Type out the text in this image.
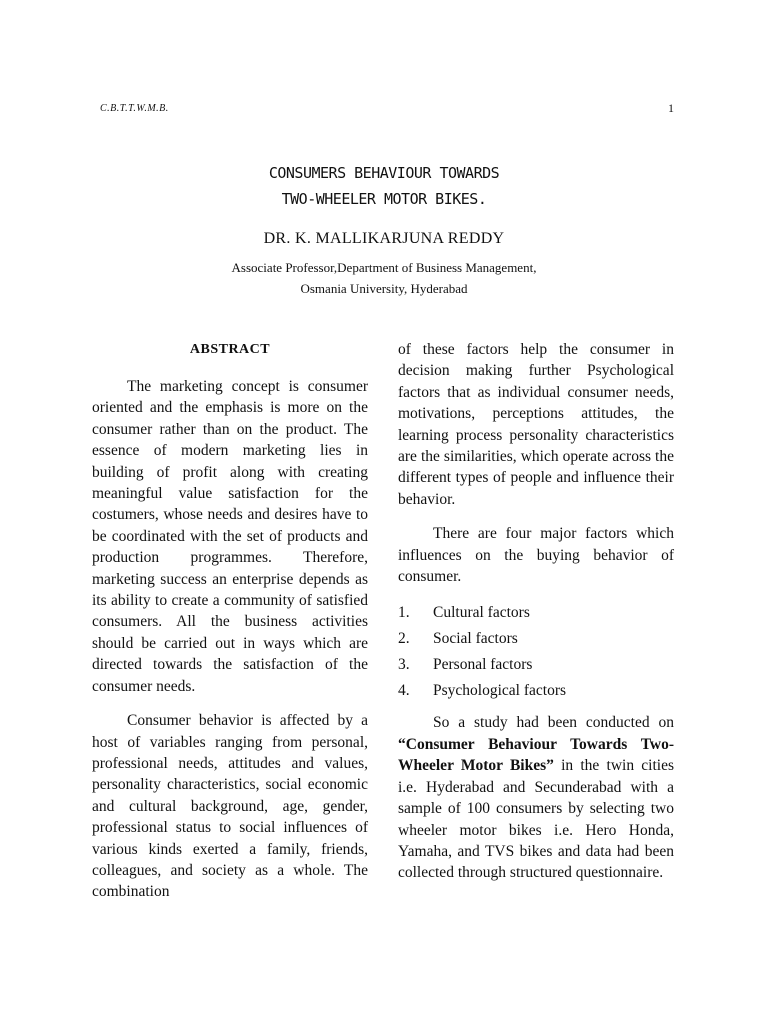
C.B.T.T.W.M.B.	1
CONSUMERS BEHAVIOUR TOWARDS
TWO-WHEELER MOTOR BIKES.
DR. K. MALLIKARJUNA REDDY
Associate Professor,Department of Business Management,
Osmania University, Hyderabad
ABSTRACT

The marketing concept is consumer oriented and the emphasis is more on the consumer rather than on the product. The essence of modern marketing lies in building of profit along with creating meaningful value satisfaction for the costumers, whose needs and desires have to be coordinated with the set of products and production programmes. Therefore, marketing success an enterprise depends as its ability to create a community of satisfied consumers. All the business activities should be carried out in ways which are directed towards the satisfaction of the consumer needs.

Consumer behavior is affected by a host of variables ranging from personal, professional needs, attitudes and values, personality characteristics, social economic and cultural background, age, gender, professional status to social influences of various kinds exerted a family, friends, colleagues, and society as a whole. The combination

of these factors help the consumer in decision making further Psychological factors that as individual consumer needs, motivations, perceptions attitudes, the learning process personality characteristics are the similarities, which operate across the different types of people and influence their behavior.

There are four major factors which influences on the buying behavior of consumer.

1.	Cultural factors
2.	Social factors
3.	Personal factors
4.	Psychological factors

So a study had been conducted on “Consumer Behaviour Towards Two-Wheeler Motor Bikes” in the twin cities i.e. Hyderabad and Secunderabad with a sample of 100 consumers by selecting two wheeler motor bikes i.e. Hero Honda, Yamaha, and TVS bikes and data had been collected through structured questionnaire.
